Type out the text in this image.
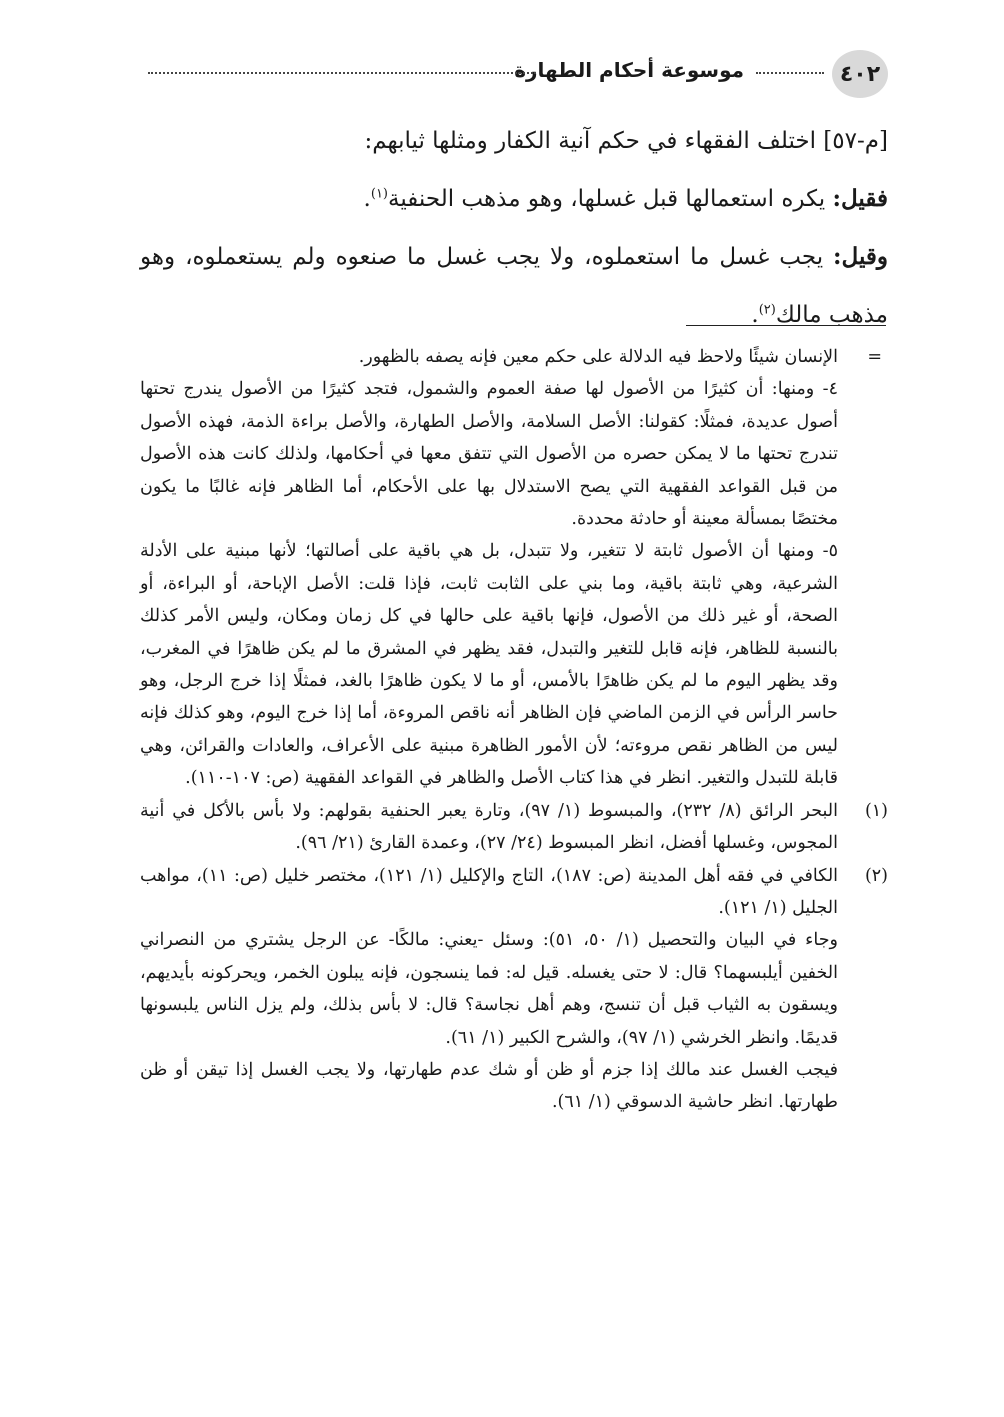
٤٠٢
موسوعة أحكام الطهارة

[م-٥٧] اختلف الفقهاء في حكم آنية الكفار ومثلها ثيابهم:

فقيل: يكره استعمالها قبل غسلها، وهو مذهب الحنفية$^{(١)}$.

وقيل: يجب غسل ما استعملوه، ولا يجب غسل ما صنعوه ولم يستعملوه، وهو مذهب مالك$^{(٢)}$.

=
الإنسان شيئًا ولاحظ فيه الدلالة على حكم معين فإنه يصفه بالظهور.

٤- ومنها: أن كثيرًا من الأصول لها صفة العموم والشمول، فتجد كثيرًا من الأصول يندرج تحتها أصول عديدة، فمثلًا: كقولنا: الأصل السلامة، والأصل الطهارة، والأصل براءة الذمة، فهذه الأصول تندرج تحتها ما لا يمكن حصره من الأصول التي تتفق معها في أحكامها، ولذلك كانت هذه الأصول من قبل القواعد الفقهية التي يصح الاستدلال بها على الأحكام، أما الظاهر فإنه غالبًا ما يكون مختصًا بمسألة معينة أو حادثة محددة.

٥- ومنها أن الأصول ثابتة لا تتغير، ولا تتبدل، بل هي باقية على أصالتها؛ لأنها مبنية على الأدلة الشرعية، وهي ثابتة باقية، وما بني على الثابت ثابت، فإذا قلت: الأصل الإباحة، أو البراءة، أو الصحة، أو غير ذلك من الأصول، فإنها باقية على حالها في كل زمان ومكان، وليس الأمر كذلك بالنسبة للظاهر، فإنه قابل للتغير والتبدل، فقد يظهر في المشرق ما لم يكن ظاهرًا في المغرب، وقد يظهر اليوم ما لم يكن ظاهرًا بالأمس، أو ما لا يكون ظاهرًا بالغد، فمثلًا إذا خرج الرجل، وهو حاسر الرأس في الزمن الماضي فإن الظاهر أنه ناقص المروءة، أما إذا خرج اليوم، وهو كذلك فإنه ليس من الظاهر نقص مروءته؛ لأن الأمور الظاهرة مبنية على الأعراف، والعادات والقرائن، وهي قابلة للتبدل والتغير. انظر في هذا كتاب الأصل والظاهر في القواعد الفقهية (ص: ١٠٧-١١٠).

(١)
البحر الرائق (٨/ ٢٣٢)، والمبسوط (١/ ٩٧)، وتارة يعبر الحنفية بقولهم: ولا بأس بالأكل في أنية المجوس، وغسلها أفضل، انظر المبسوط (٢٤/ ٢٧)، وعمدة القارئ (٢١/ ٩٦).

(٢)
الكافي في فقه أهل المدينة (ص: ١٨٧)، التاج والإكليل (١/ ١٢١)، مختصر خليل (ص: ١١)، مواهب الجليل (١/ ١٢١).

وجاء في البيان والتحصيل (١/ ٥٠، ٥١): وسئل -يعني: مالكًا- عن الرجل يشتري من النصراني الخفين أيلبسهما؟ قال: لا حتى يغسله. قيل له: فما ينسجون، فإنه يبلون الخمر، ويحركونه بأيديهم، ويسقون به الثياب قبل أن تنسج، وهم أهل نجاسة؟ قال: لا بأس بذلك، ولم يزل الناس يلبسونها قديمًا. وانظر الخرشي (١/ ٩٧)، والشرح الكبير (١/ ٦١).

فيجب الغسل عند مالك إذا جزم أو ظن أو شك عدم طهارتها، ولا يجب الغسل إذا تيقن أو ظن طهارتها. انظر حاشية الدسوقي (١/ ٦١).
